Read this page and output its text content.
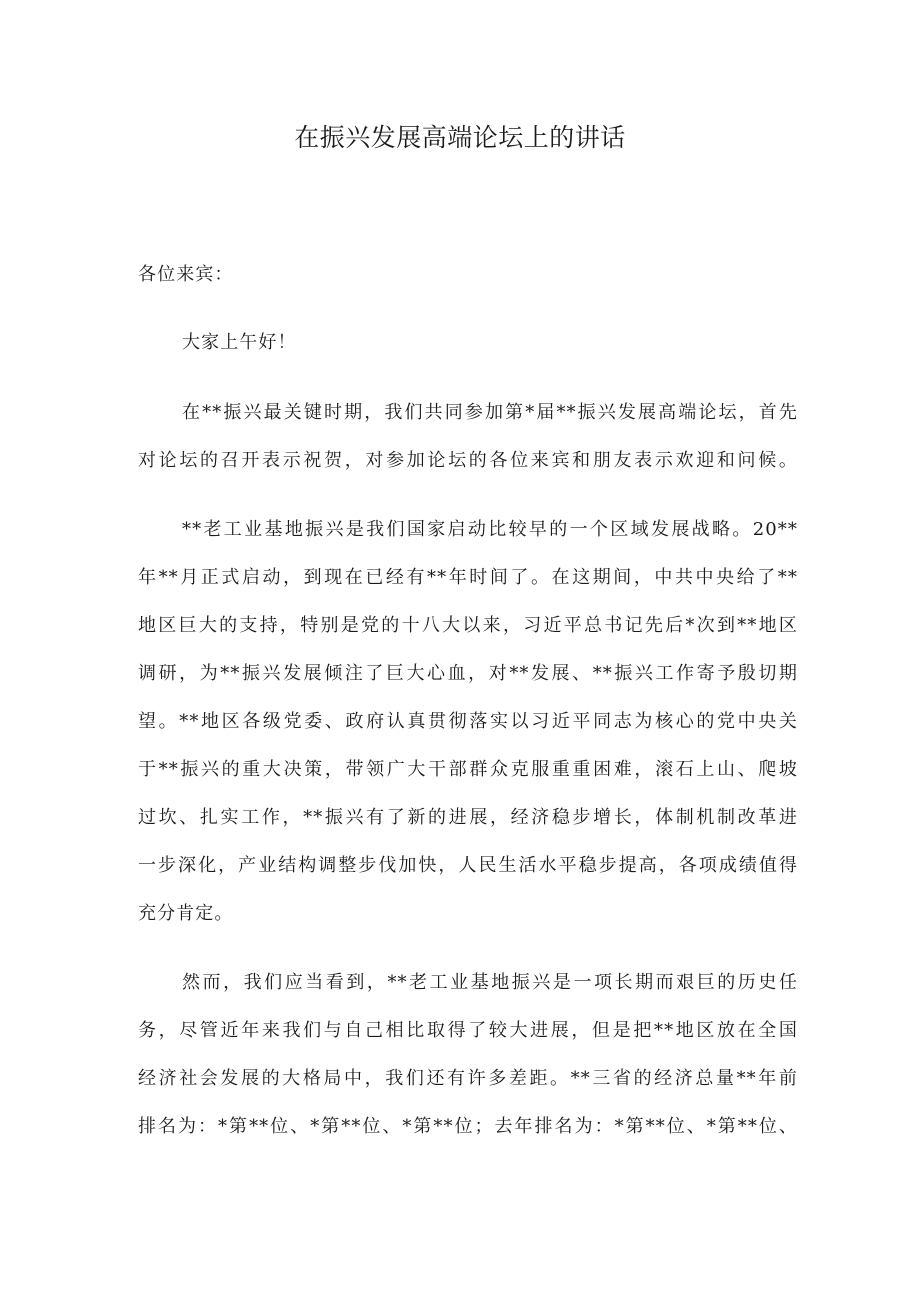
在振兴发展高端论坛上的讲话
各位来宾：
大家上午好！
在**振兴最关键时期，我们共同参加第*届**振兴发展高端论坛，首先
对论坛的召开表示祝贺，对参加论坛的各位来宾和朋友表示欢迎和问候。
**老工业基地振兴是我们国家启动比较早的一个区域发展战略。20**
年**月正式启动，到现在已经有**年时间了。在这期间，中共中央给了**
地区巨大的支持，特别是党的十八大以来，习近平总书记先后*次到**地区
调研，为**振兴发展倾注了巨大心血，对**发展、**振兴工作寄予殷切期
望。**地区各级党委、政府认真贯彻落实以习近平同志为核心的党中央关
于**振兴的重大决策，带领广大干部群众克服重重困难，滚石上山、爬坡
过坎、扎实工作，**振兴有了新的进展，经济稳步增长，体制机制改革进
一步深化，产业结构调整步伐加快，人民生活水平稳步提高，各项成绩值得
充分肯定。
然而，我们应当看到，**老工业基地振兴是一项长期而艰巨的历史任
务，尽管近年来我们与自己相比取得了较大进展，但是把**地区放在全国
经济社会发展的大格局中，我们还有许多差距。**三省的经济总量**年前
排名为：*第**位、*第**位、*第**位；去年排名为：*第**位、*第**位、
